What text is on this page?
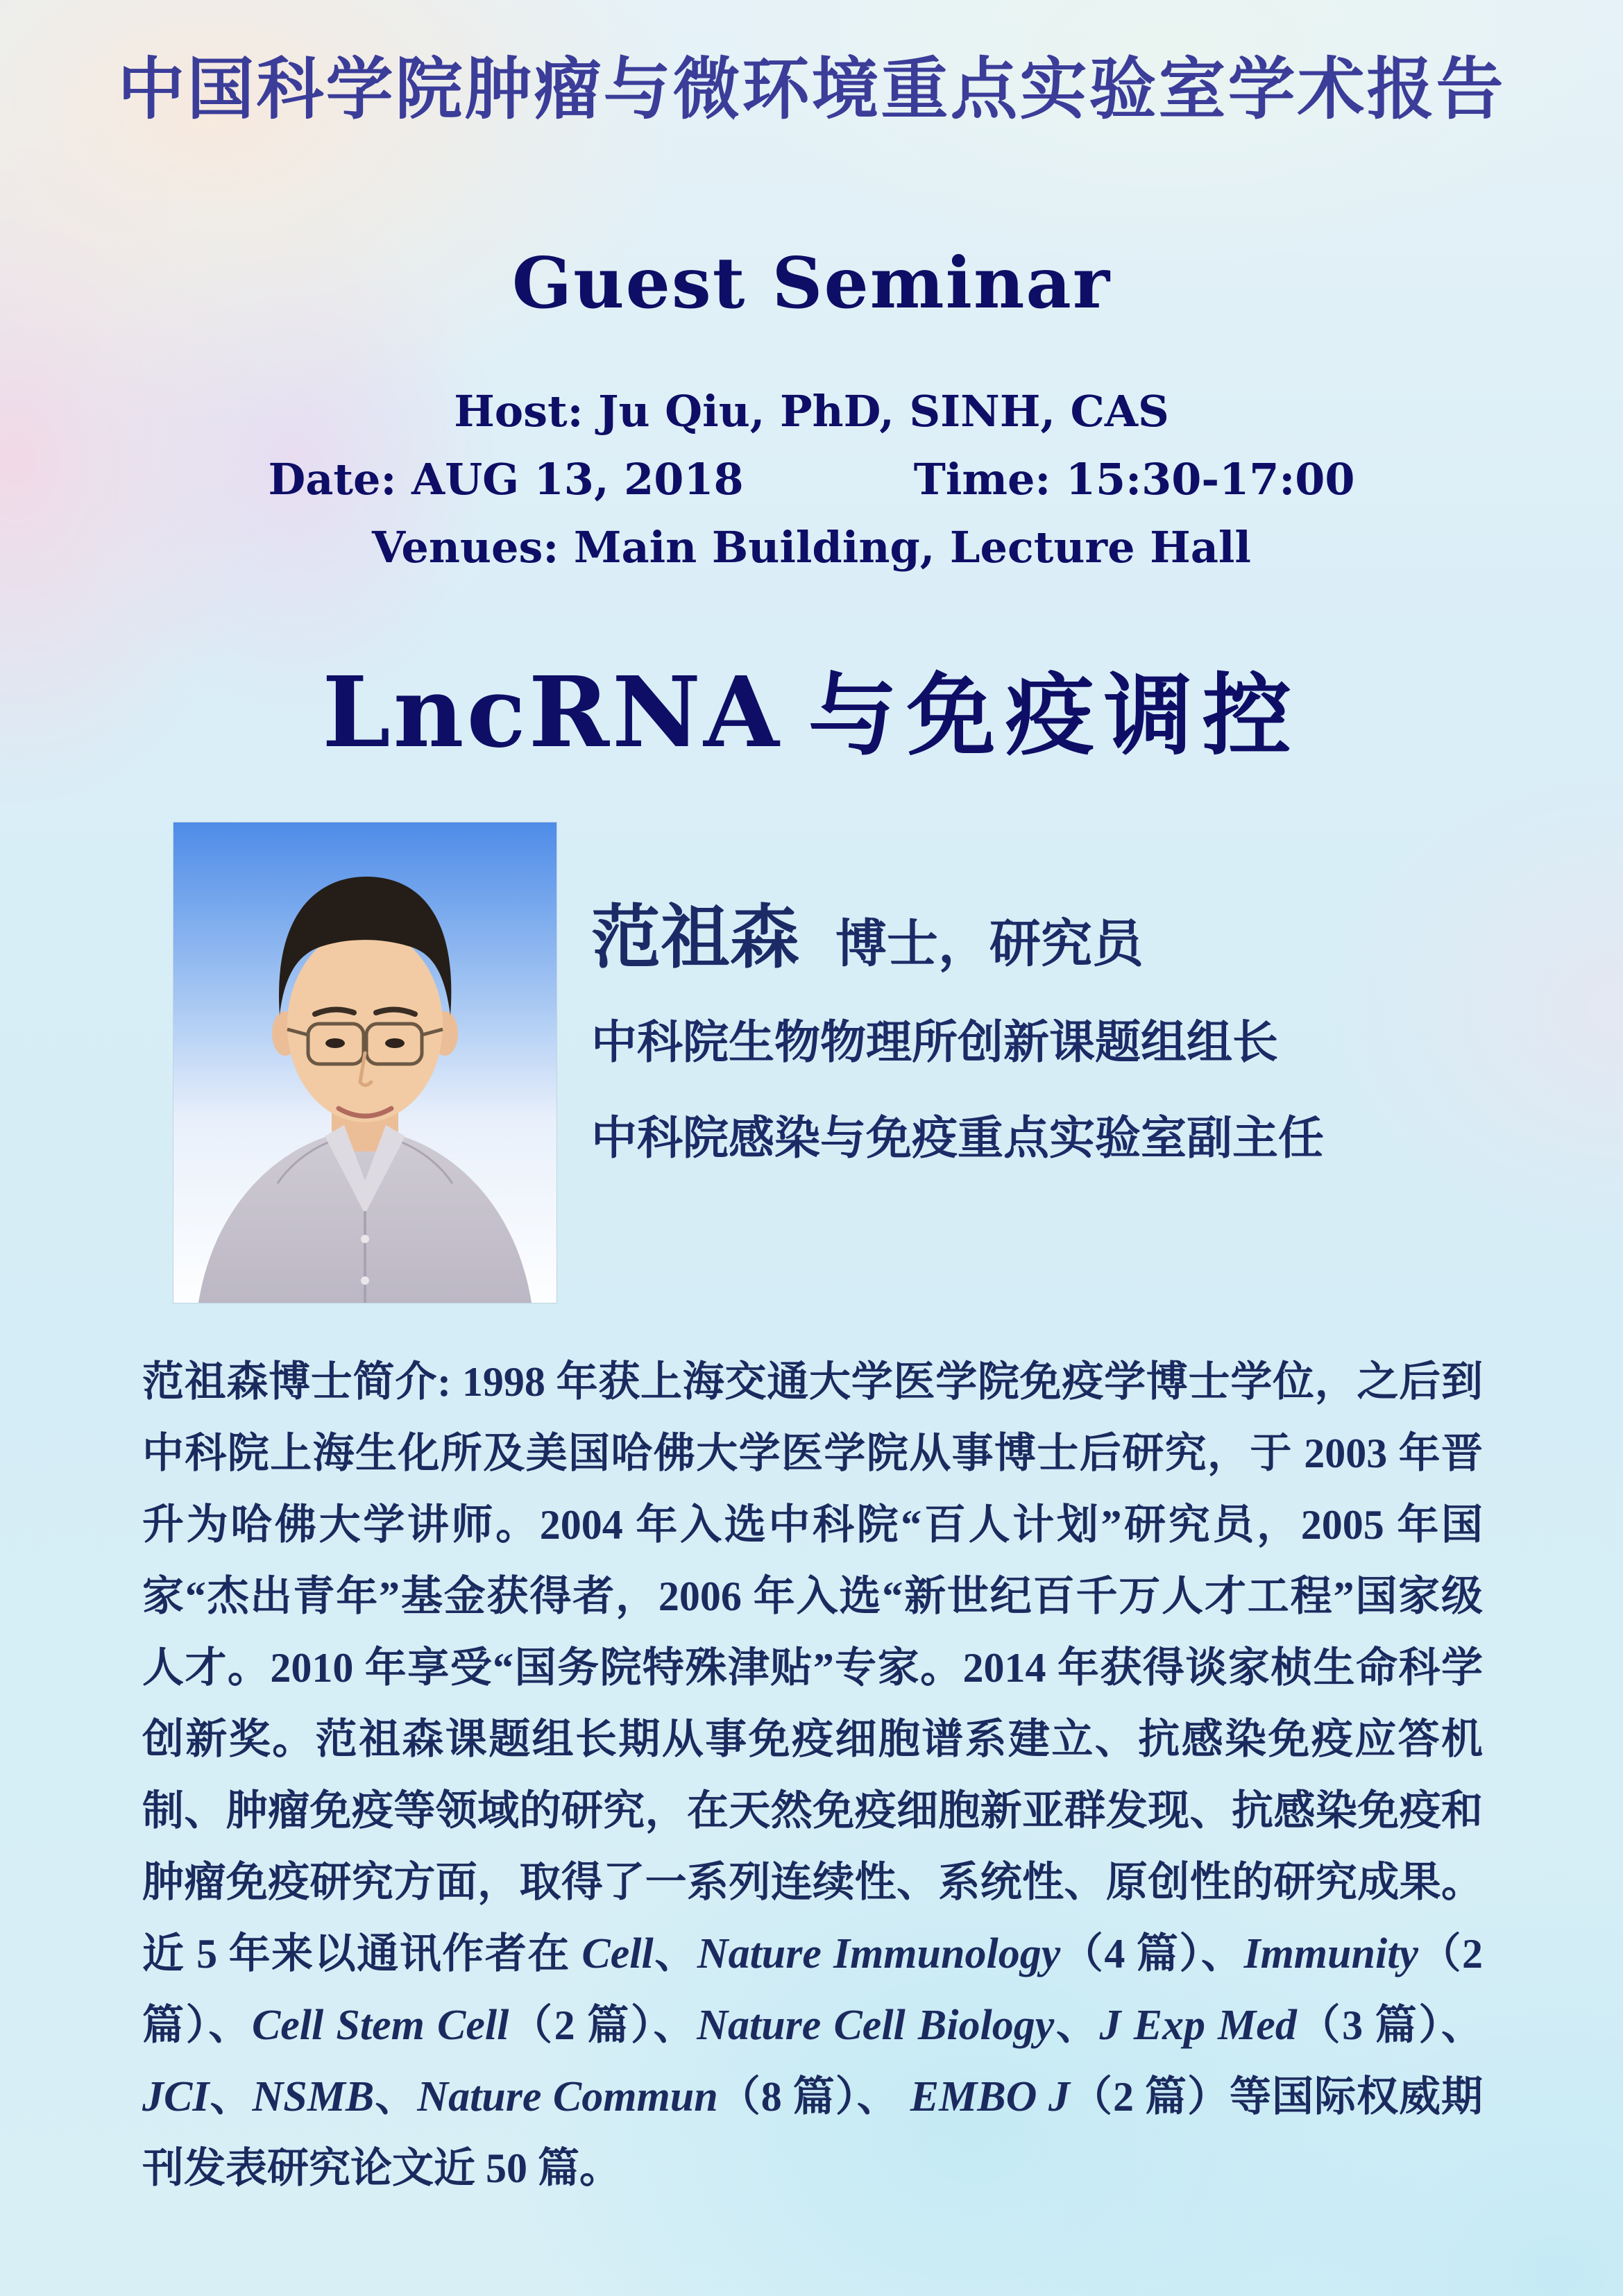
中国科学院肿瘤与微环境重点实验室学术报告
Guest Seminar
Host: Ju Qiu, PhD, SINH, CAS
Date: AUG 13, 2018	Time: 15:30-17:00
Venues: Main Building, Lecture Hall
LncRNA 与免疫调控
范祖森 博士，研究员
中科院生物物理所创新课题组组长
中科院感染与免疫重点实验室副主任
范祖森博士简介: 1998 年获上海交通大学医学院免疫学博士学位，之后到中科院上海生化所及美国哈佛大学医学院从事博士后研究，于 2003 年晋升为哈佛大学讲师。2004 年入选中科院“百人计划”研究员，2005 年国家“杰出青年”基金获得者，2006 年入选“新世纪百千万人才工程”国家级人才。2010 年享受“国务院特殊津贴”专家。2014 年获得谈家桢生命科学创新奖。范祖森课题组长期从事免疫细胞谱系建立、抗感染免疫应答机制、肿瘤免疫等领域的研究，在天然免疫细胞新亚群发现、抗感染免疫和肿瘤免疫研究方面，取得了一系列连续性、系统性、原创性的研究成果。近 5 年来以通讯作者在 Cell、Nature Immunology（4 篇）、Immunity（2 篇）、Cell Stem Cell（2 篇）、Nature Cell Biology、J Exp Med（3 篇）、JCI、NSMB、Nature Commun（8 篇）、 EMBO J（2 篇）等国际权威期刊发表研究论文近 50 篇。
